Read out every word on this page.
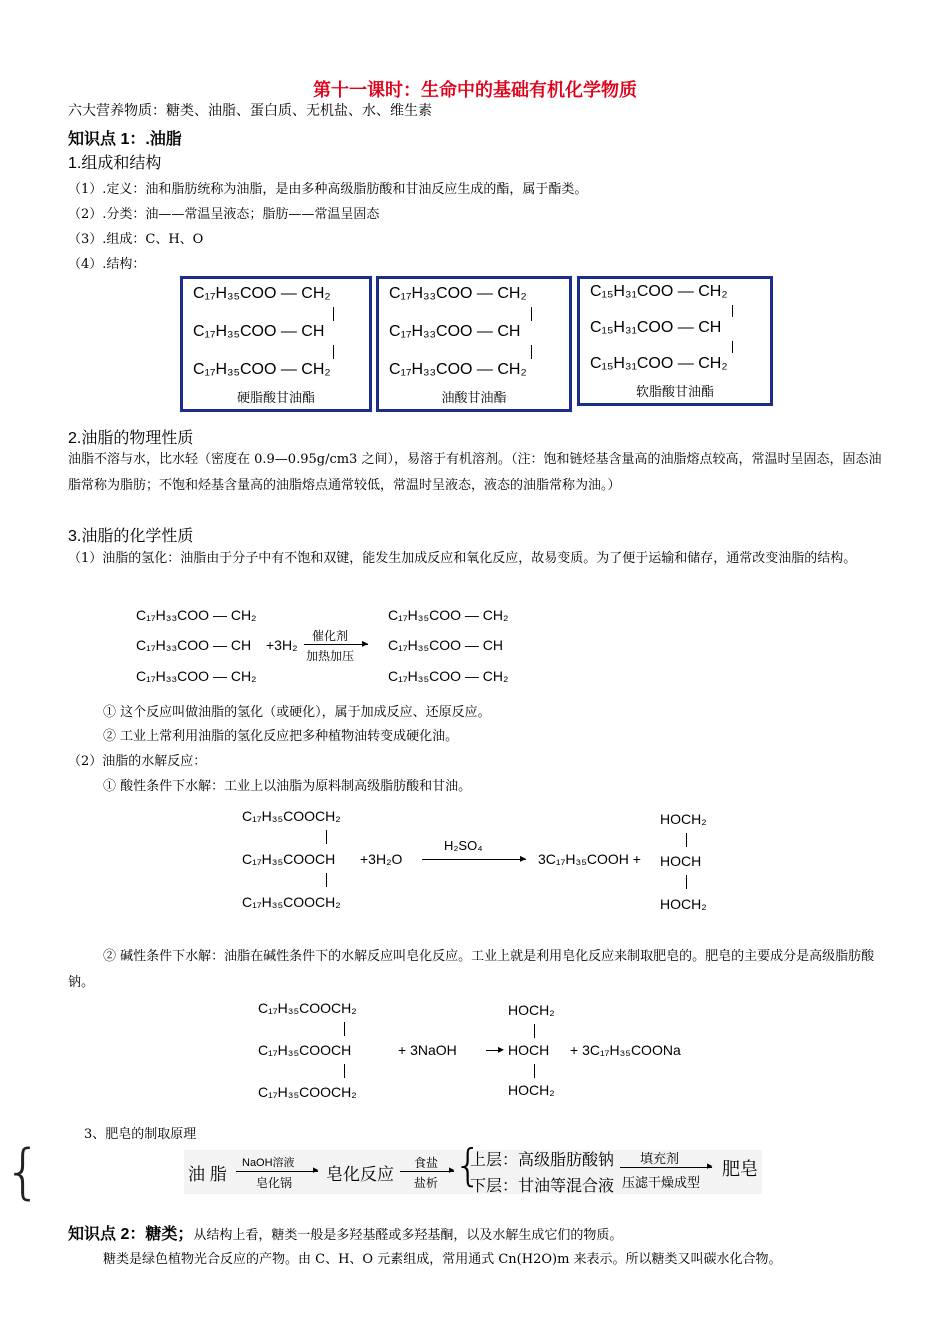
第十一课时：生命中的基础有机化学物质
六大营养物质：糖类、油脂、蛋白质、无机盐、水、维生素
知识点 1：.油脂
1.组成和结构
（1）.定义：油和脂肪统称为油脂，是由多种高级脂肪酸和甘油反应生成的酯，属于酯类。
（2）.分类：油——常温呈液态；脂肪——常温呈固态
（3）.组成：C、H、O
（4）.结构：
C₁₇H₃₅COO — CH₂
C₁₇H₃₅COO — CH
C₁₇H₃₅COO — CH₂
硬脂酸甘油酯
C₁₇H₃₃COO — CH₂
C₁₇H₃₃COO — CH
C₁₇H₃₃COO — CH₂
油酸甘油酯
C₁₅H₃₁COO — CH₂
C₁₅H₃₁COO — CH
C₁₅H₃₁COO — CH₂
软脂酸甘油酯
2.油脂的物理性质
油脂不溶与水，比水轻（密度在 0.9—0.95g/cm3 之间），易溶于有机溶剂。（注：饱和链烃基含量高的油脂熔点较高，常温时呈固态，固态油脂常称为脂肪；不饱和烃基含量高的油脂熔点通常较低，常温时呈液态，液态的油脂常称为油。）
3.油脂的化学性质
（1）油脂的氢化：油脂由于分子中有不饱和双键，能发生加成反应和氧化反应，故易变质。为了便于运输和储存，通常改变油脂的结构。
C₁₇H₃₃COO — CH₂
C₁₇H₃₃COO — CH
C₁₇H₃₃COO — CH₂
+3H₂
催化剂 ▸
加热加压
C₁₇H₃₅COO — CH₂
C₁₇H₃₅COO — CH
C₁₇H₃₅COO — CH₂
① 这个反应叫做油脂的氢化（或硬化），属于加成反应、还原反应。
② 工业上常利用油脂的氢化反应把多种植物油转变成硬化油。
（2）油脂的水解反应：
① 酸性条件下水解：工业上以油脂为原料制高级脂肪酸和甘油。
C₁₇H₃₅COOCH₂
C₁₇H₃₅COOCH
C₁₇H₃₅COOCH₂
+3H₂O
H₂SO₄
▸ 3C₁₇H₃₅COOH +
HOCH₂
HOCH
HOCH₂
② 碱性条件下水解：油脂在碱性条件下的水解反应叫皂化反应。工业上就是利用皂化反应来制取肥皂的。肥皂的主要成分是高级脂肪酸钠。
C₁₇H₃₅COOCH₂
C₁₇H₃₅COOCH
C₁₇H₃₅COOCH₂
+ 3NaOH	▸
HOCH₂
HOCH
HOCH₂
+ 3C₁₇H₃₅COONa
3、肥皂的制取原理
{	油 脂
NaOH溶液 ▸
皂化锅 皂化反应
食盐 ▸
盐析 {
上层：高级脂肪酸钠
下层：甘油等混合液
填充剂	▸
压滤干燥成型
肥皂
知识点 2：糖类；从结构上看，糖类一般是多羟基醛或多羟基酮，以及水解生成它们的物质。
糖类是绿色植物光合反应的产物。由 C、H、O 元素组成，常用通式 Cn(H2O)m 来表示。所以糖类又叫碳水化合物。
